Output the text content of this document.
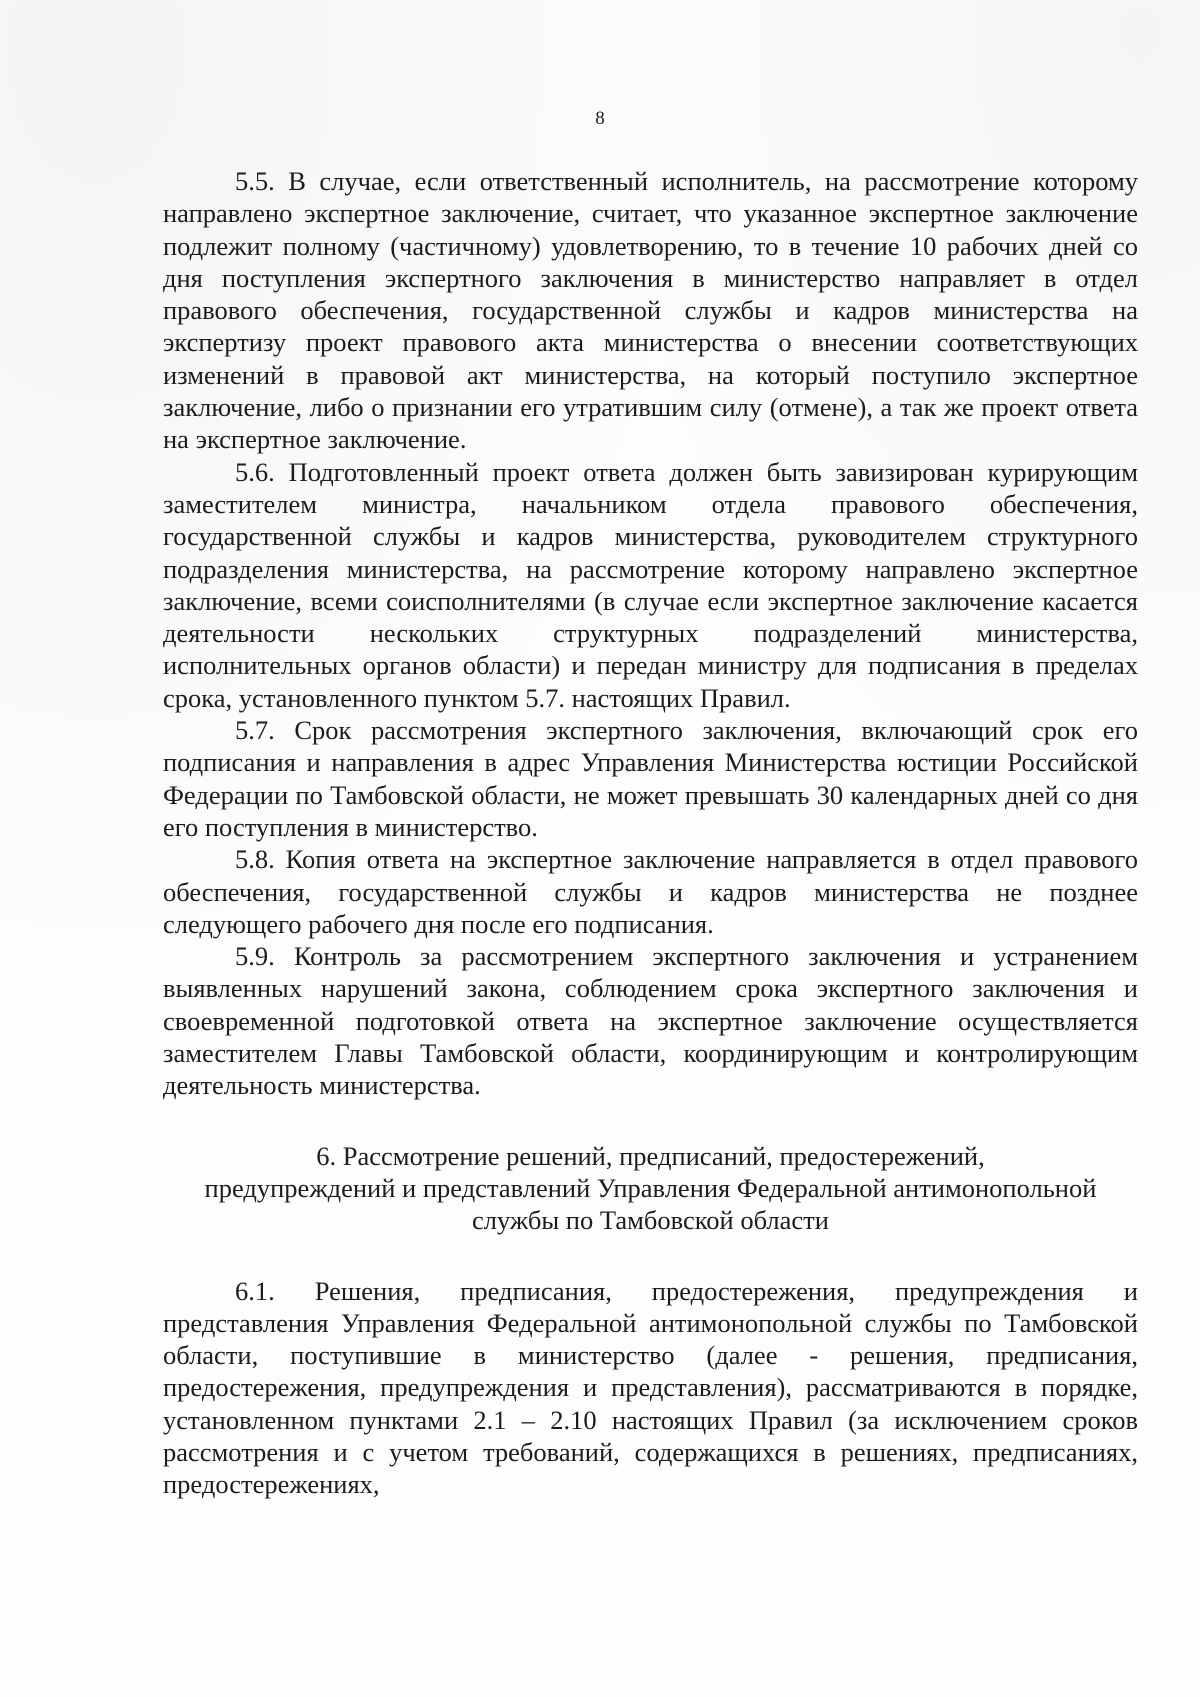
8

5.5. В случае, если ответственный исполнитель, на рассмотрение которому направлено экспертное заключение, считает, что указанное экспертное заключение подлежит полному (частичному) удовлетворению, то в течение 10 рабочих дней со дня поступления экспертного заключения в министерство направляет в отдел правового обеспечения, государственной службы и кадров министерства на экспертизу проект правового акта министерства о внесении соответствующих изменений в правовой акт министерства, на который поступило экспертное заключение, либо о признании его утратившим силу (отмене), а так же проект ответа на экспертное заключение.

5.6. Подготовленный проект ответа должен быть завизирован курирующим заместителем министра, начальником отдела правового обеспечения, государственной службы и кадров министерства, руководителем структурного подразделения министерства, на рассмотрение которому направлено экспертное заключение, всеми соисполнителями (в случае если экспертное заключение касается деятельности нескольких структурных подразделений министерства, исполнительных органов области) и передан министру для подписания в пределах срока, установленного пунктом 5.7. настоящих Правил.

5.7. Срок рассмотрения экспертного заключения, включающий срок его подписания и направления в адрес Управления Министерства юстиции Российской Федерации по Тамбовской области, не может превышать 30 календарных дней со дня его поступления в министерство.

5.8. Копия ответа на экспертное заключение направляется в отдел правового обеспечения, государственной службы и кадров министерства не позднее следующего рабочего дня после его подписания.

5.9. Контроль за рассмотрением экспертного заключения и устранением выявленных нарушений закона, соблюдением срока экспертного заключения и своевременной подготовкой ответа на экспертное заключение осуществляется заместителем Главы Тамбовской области, координирующим и контролирующим деятельность министерства.

6. Рассмотрение решений, предписаний, предостережений,
предупреждений и представлений Управления Федеральной антимонопольной
службы по Тамбовской области

6.1. Решения, предписания, предостережения, предупреждения и представления Управления Федеральной антимонопольной службы по Тамбовской области, поступившие в министерство (далее - решения, предписания, предостережения, предупреждения и представления), рассматриваются в порядке, установленном пунктами 2.1 – 2.10 настоящих Правил (за исключением сроков рассмотрения и с учетом требований, содержащихся в решениях, предписаниях, предостережениях,
